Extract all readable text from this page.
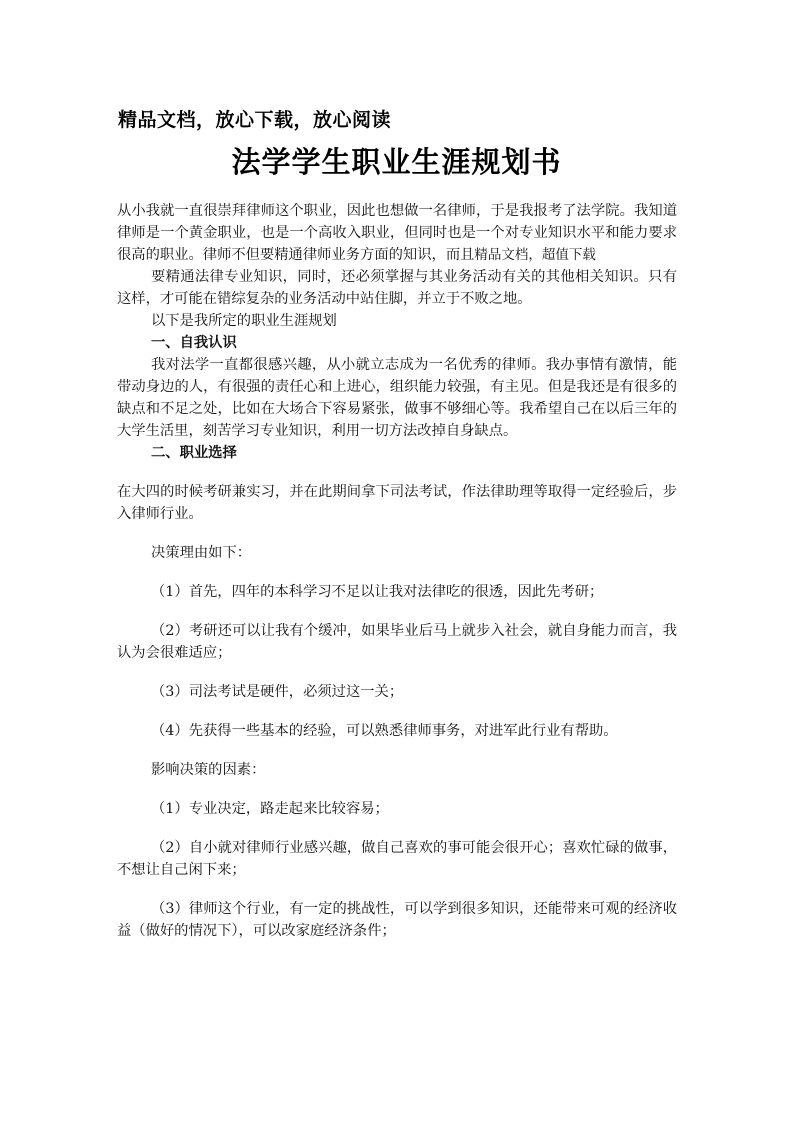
精品文档，放心下载，放心阅读
法学学生职业生涯规划书

从小我就一直很崇拜律师这个职业，因此也想做一名律师，于是我报考了法学院。我知道律师是一个黄金职业，也是一个高收入职业，但同时也是一个对专业知识水平和能力要求很高的职业。律师不但要精通律师业务方面的知识，而且精品文档，超值下载

要精通法律专业知识，同时，还必须掌握与其业务活动有关的其他相关知识。只有这样，才可能在错综复杂的业务活动中站住脚，并立于不败之地。

以下是我所定的职业生涯规划

一、自我认识

我对法学一直都很感兴趣，从小就立志成为一名优秀的律师。我办事情有激情，能带动身边的人，有很强的责任心和上进心，组织能力较强，有主见。但是我还是有很多的缺点和不足之处，比如在大场合下容易紧张，做事不够细心等。我希望自己在以后三年的大学生活里，刻苦学习专业知识，利用一切方法改掉自身缺点。

二、职业选择

在大四的时候考研兼实习，并在此期间拿下司法考试，作法律助理等取得一定经验后，步入律师行业。

决策理由如下：

（1）首先，四年的本科学习不足以让我对法律吃的很透，因此先考研；

（2）考研还可以让我有个缓冲，如果毕业后马上就步入社会，就自身能力而言，我认为会很难适应；

（3）司法考试是硬件，必须过这一关；

（4）先获得一些基本的经验，可以熟悉律师事务，对进军此行业有帮助。

影响决策的因素：

（1）专业决定，路走起来比较容易；

（2）自小就对律师行业感兴趣，做自己喜欢的事可能会很开心；喜欢忙碌的做事，不想让自己闲下来；

（3）律师这个行业，有一定的挑战性，可以学到很多知识，还能带来可观的经济收益（做好的情况下），可以改家庭经济条件；
